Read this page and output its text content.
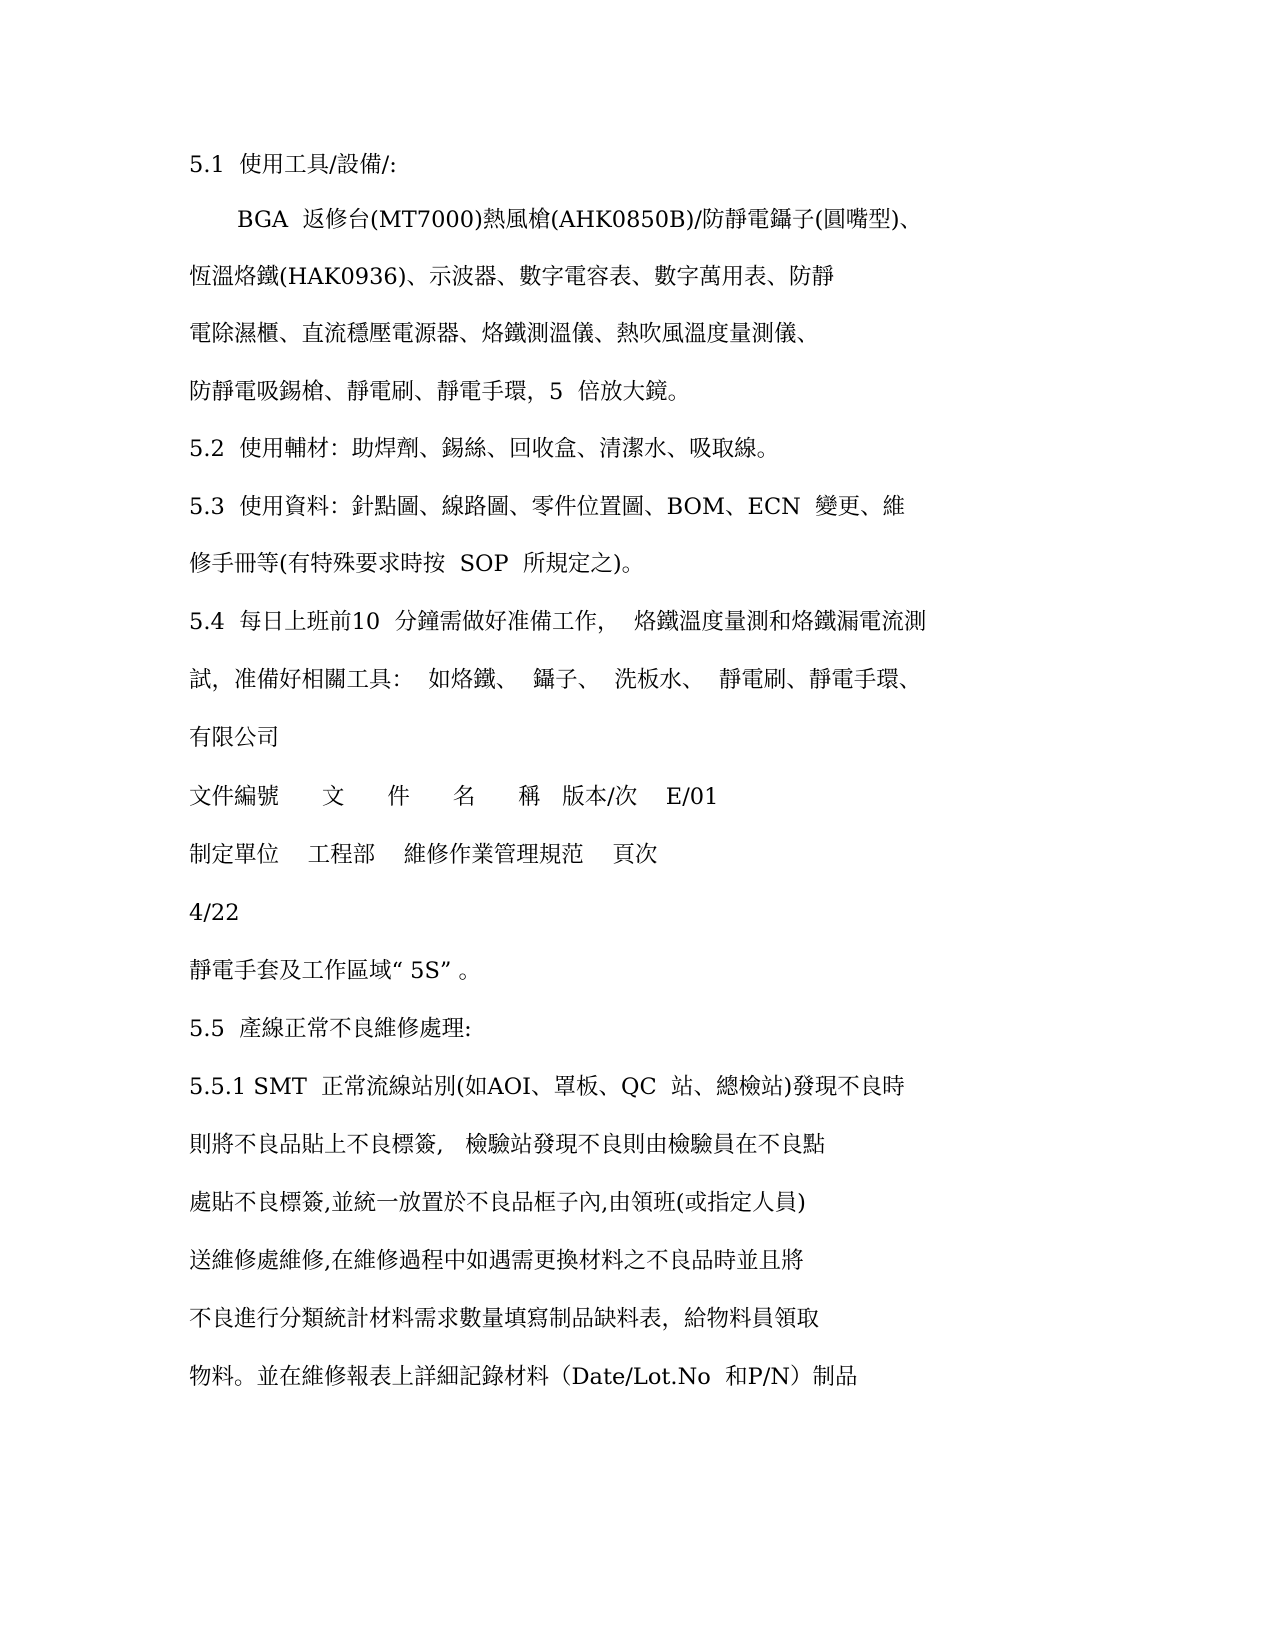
5.1  使用工具/設備/:
BGA  返修台(MT7000)熱風槍(AHK0850B)/防靜電鑷子(圓嘴型)、
恆溫烙鐵(HAK0936)、示波器、數字電容表、數字萬用表、防靜
電除濕櫃、直流穩壓電源器、烙鐵測溫儀、熱吹風溫度量測儀、
防靜電吸錫槍、靜電刷、靜電手環，5  倍放大鏡。
5.2  使用輔材：助焊劑、錫絲、回收盒、清潔水、吸取線。
5.3  使用資料：針點圖、線路圖、零件位置圖、BOM、ECN  變更、維
修手冊等(有特殊要求時按  SOP  所規定之)。
5.4  每日上班前10  分鐘需做好准備工作，  烙鐵溫度量測和烙鐵漏電流測
試，准備好相關工具：  如烙鐵、  鑷子、  洗板水、  靜電刷、靜電手環、
有限公司
文件編號      文      件      名      稱   版本/次    E/01
制定單位    工程部    維修作業管理規范    頁次
4/22
靜電手套及工作區域“ 5S” 。
5.5  產線正常不良維修處理:
5.5.1 SMT  正常流線站別(如AOI、罩板、QC  站、總檢站)發現不良時
則將不良品貼上不良標簽,   檢驗站發現不良則由檢驗員在不良點
處貼不良標簽,並統一放置於不良品框子內,由領班(或指定人員)
送維修處維修,在維修過程中如遇需更換材料之不良品時並且將
不良進行分類統計材料需求數量填寫制品缺料表，給物料員領取
物料。並在維修報表上詳細記錄材料（Date/Lot.No  和P/N）制品
